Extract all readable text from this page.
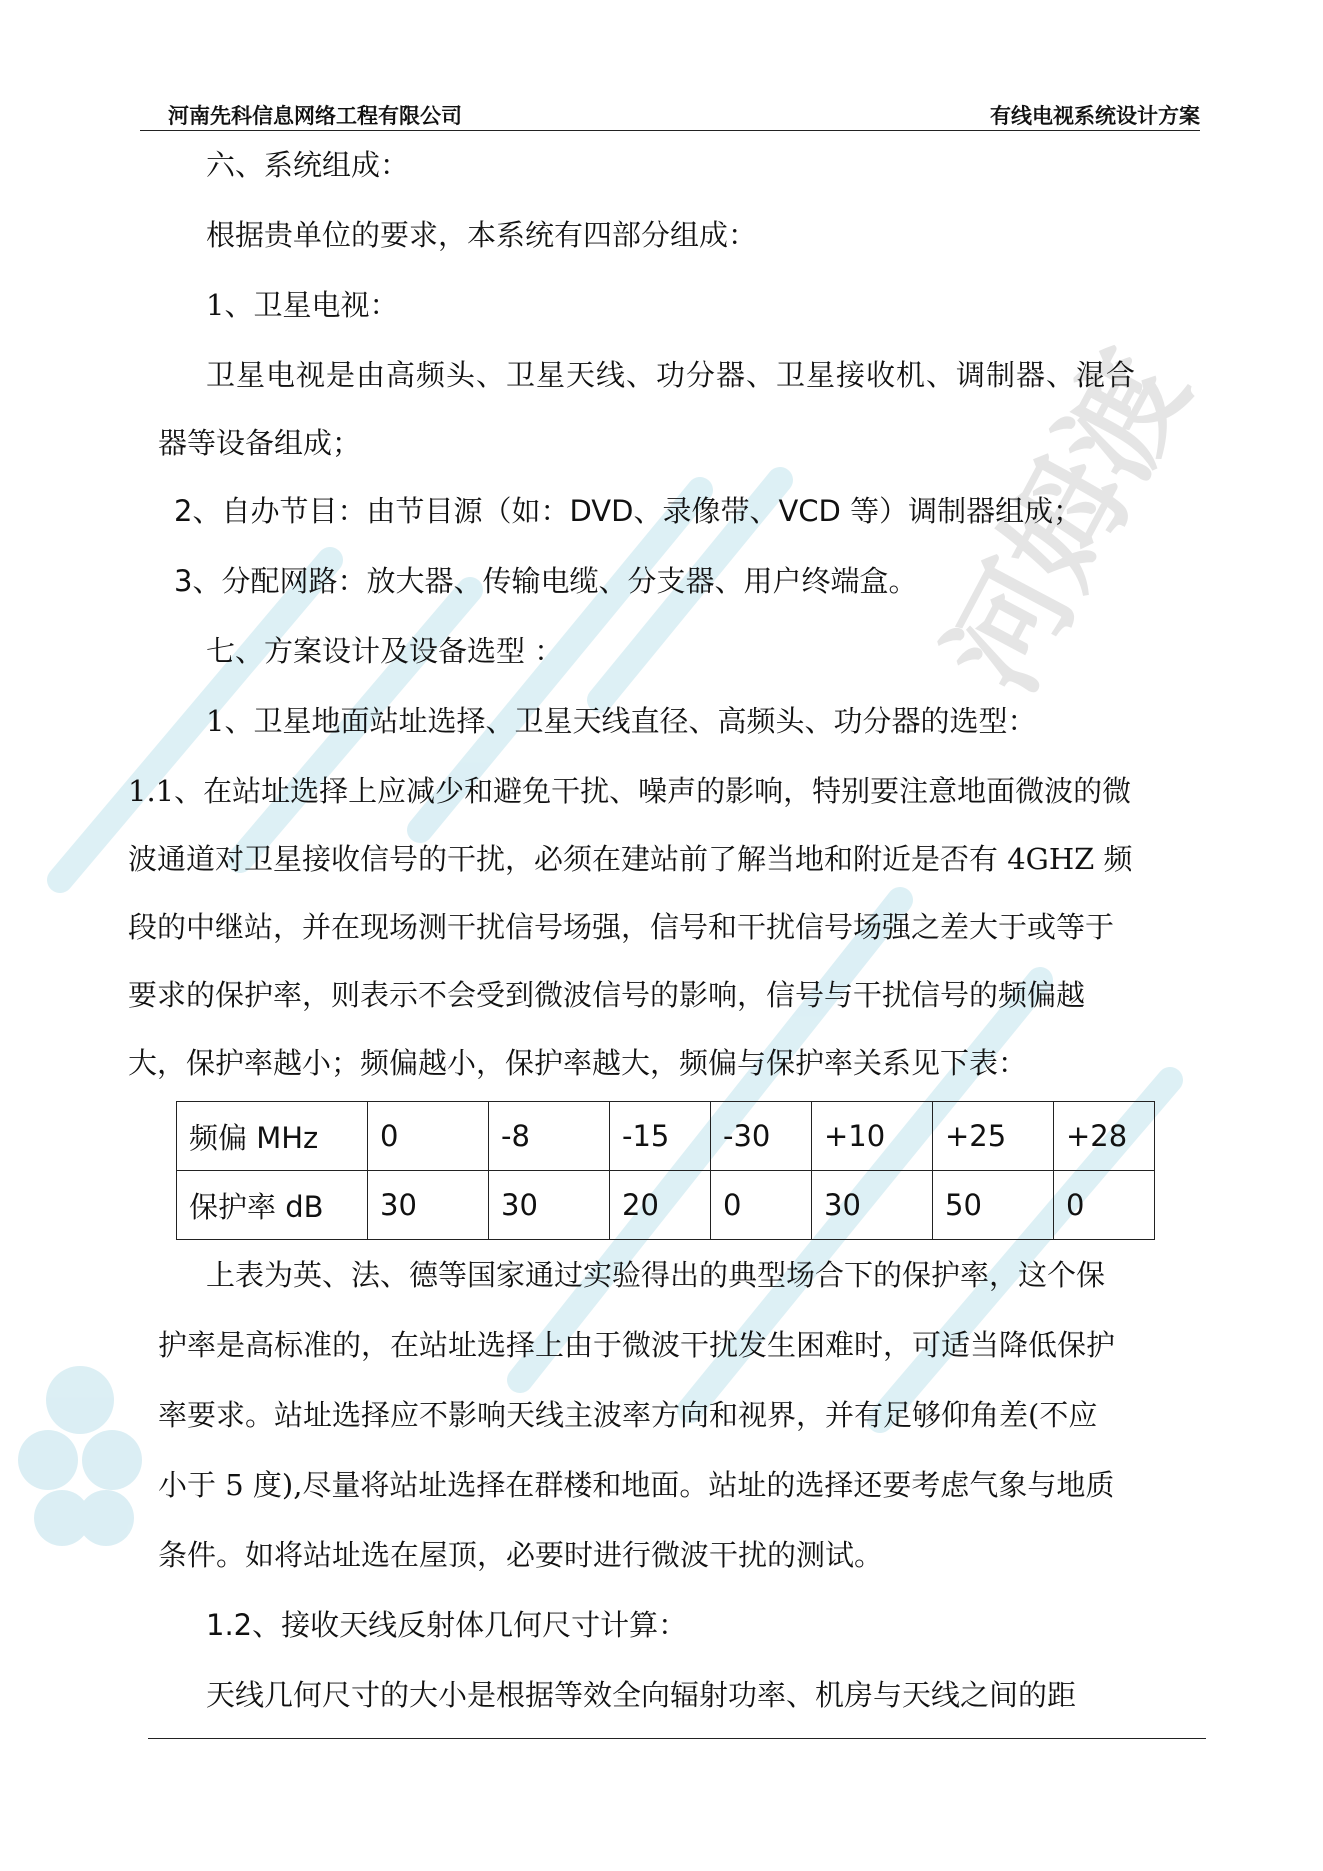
河姆渡
河南先科信息网络工程有限公司	有线电视系统设计方案
六、系统组成：
根据贵单位的要求，本系统有四部分组成：
1、卫星电视：
卫星电视是由高频头、卫星天线、功分器、卫星接收机、调制器、混合
器等设备组成；
2、自办节目：由节目源（如：DVD、录像带、VCD 等）调制器组成；
3、分配网路：放大器、传输电缆、分支器、用户终端盒。
七、方案设计及设备选型 ：
1、卫星地面站址选择、卫星天线直径、高频头、功分器的选型：
1.1、在站址选择上应减少和避免干扰、噪声的影响，特别要注意地面微波的微
波通道对卫星接收信号的干扰，必须在建站前了解当地和附近是否有 4GHZ 频
段的中继站，并在现场测干扰信号场强，信号和干扰信号场强之差大于或等于
要求的保护率，则表示不会受到微波信号的影响，信号与干扰信号的频偏越
大，保护率越小；频偏越小，保护率越大，频偏与保护率关系见下表：
频偏 MHz	0	-8	-15	-30	+10	+25	+28
保护率 dB	30	30	20	0	30	50	0
上表为英、法、德等国家通过实验得出的典型场合下的保护率，这个保
护率是高标准的，在站址选择上由于微波干扰发生困难时，可适当降低保护
率要求。站址选择应不影响天线主波率方向和视界，并有足够仰角差(不应
小于 5 度),尽量将站址选择在群楼和地面。站址的选择还要考虑气象与地质
条件。如将站址选在屋顶，必要时进行微波干扰的测试。
1.2、接收天线反射体几何尺寸计算：
天线几何尺寸的大小是根据等效全向辐射功率、机房与天线之间的距
